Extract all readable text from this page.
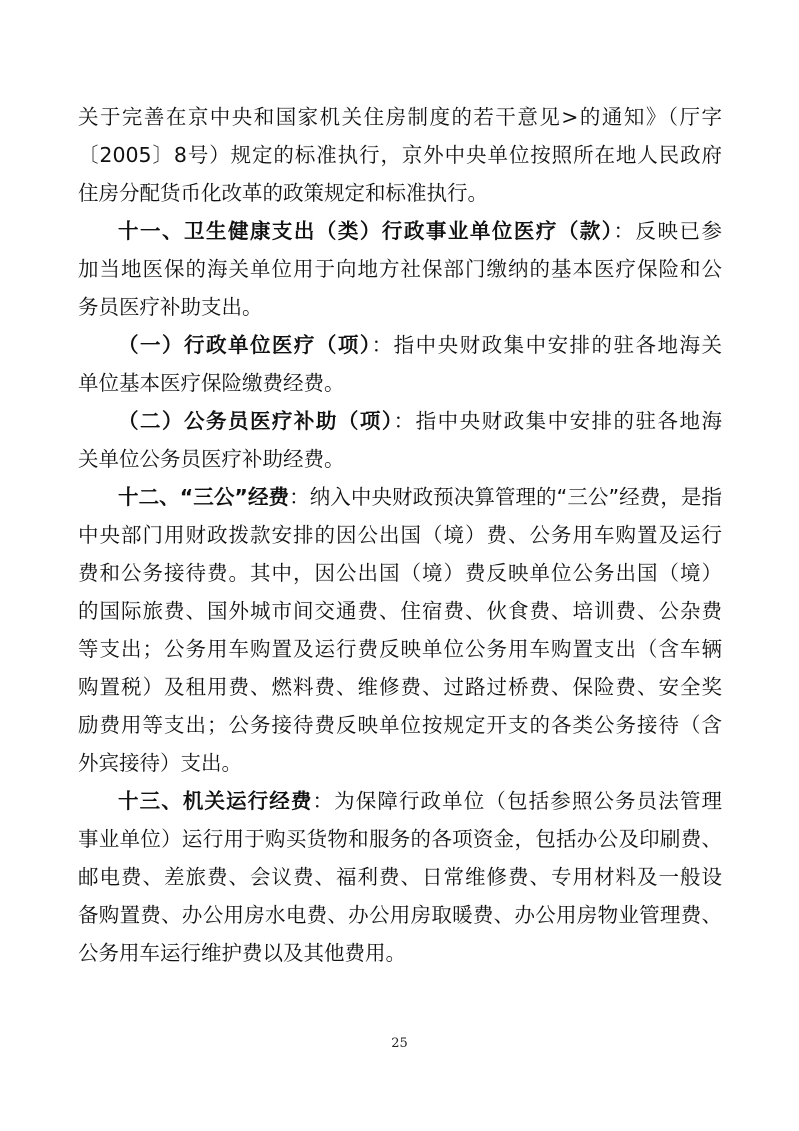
关于完善在京中央和国家机关住房制度的若干意见>的通知》（厅字
〔2005〕8号）规定的标准执行，京外中央单位按照所在地人民政府
住房分配货币化改革的政策规定和标准执行。
十一、卫生健康支出（类）行政事业单位医疗（款）：反映已参
加当地医保的海关单位用于向地方社保部门缴纳的基本医疗保险和公
务员医疗补助支出。
（一）行政单位医疗（项）：指中央财政集中安排的驻各地海关
单位基本医疗保险缴费经费。
（二）公务员医疗补助（项）：指中央财政集中安排的驻各地海
关单位公务员医疗补助经费。
十二、“三公”经费：纳入中央财政预决算管理的“三公”经费，是指
中央部门用财政拨款安排的因公出国（境）费、公务用车购置及运行
费和公务接待费。其中，因公出国（境）费反映单位公务出国（境）
的国际旅费、国外城市间交通费、住宿费、伙食费、培训费、公杂费
等支出；公务用车购置及运行费反映单位公务用车购置支出（含车辆
购置税）及租用费、燃料费、维修费、过路过桥费、保险费、安全奖
励费用等支出；公务接待费反映单位按规定开支的各类公务接待（含
外宾接待）支出。
十三、机关运行经费：为保障行政单位（包括参照公务员法管理
事业单位）运行用于购买货物和服务的各项资金，包括办公及印刷费、
邮电费、差旅费、会议费、福利费、日常维修费、专用材料及一般设
备购置费、办公用房水电费、办公用房取暖费、办公用房物业管理费、
公务用车运行维护费以及其他费用。
25
